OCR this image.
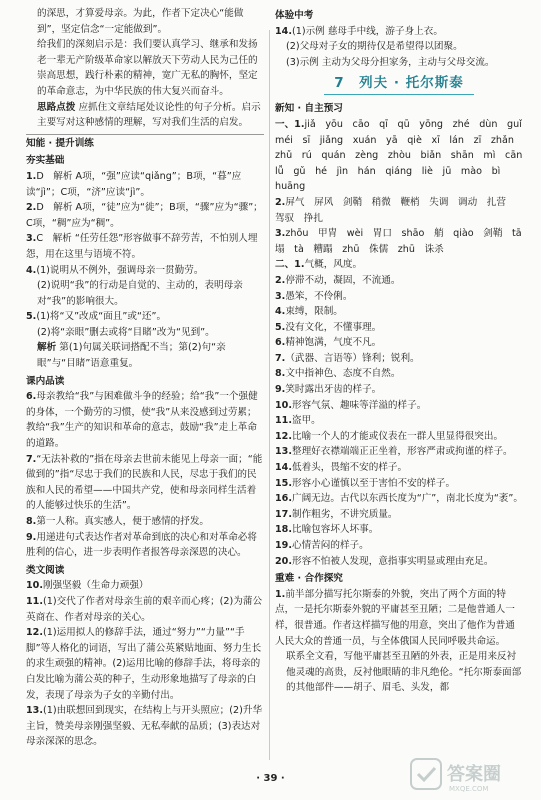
的深思，才算爱母亲。为此，作者下定决心“能做到”，坚定信念“一定能做到”。

给我们的深刻启示是：我们要认真学习、继承和发扬老一辈无产阶级革命家以解放天下劳动人民为己任的崇高思想，践行朴素的精神，宽广无私的胸怀，坚定的革命意志，为中华民族的伟大复兴而奋斗。

思路点拨 应抓住文章结尾处议论性的句子分析。启示主要写对这种感情的理解，写对我们生活的启发。

知能 · 提升训练

夯实基础

1.D　解析 A项，“强”应读“qiǎng”；B项，“暮”应读“jì”；C项，“济”应读“jì”。

2.D　解析 A项，“徒”应为“徙”；B项，“骤”应为“骤”；C项，“稠”应为“稠”。

3.C　解析 “任劳任怨”形容做事不辞劳苦，不怕别人埋怨，用在这里与语境不符。

4.(1)说明从不例外，强调母亲一贯勤劳。

(2)说明“我”的行动是自觉的、主动的，表明母亲对“我”的影响很大。

5.(1)将“又”改成“面且”或“还”。

(2)将“亲眼”删去或将“目睹”改为“见到”。

解析 第(1)句属关联词搭配不当；第(2)句“亲眼”与“目睹”语意重复。

课内品读

6.母亲教给“我”与困难做斗争的经验；给“我”一个强健的身体，一个勤劳的习惯，使“我”从来没感到过劳累；教给“我”生产的知识和革命的意志，鼓励“我”走上革命的道路。

7.“无法补救的”指在母亲去世前未能见上母亲一面；“能做到的”指“尽忠于我们的民族和人民，尽忠于我们的民族和人民的希望——中国共产党，使和母亲同样生活着的人能够过快乐的生活”。

8.第一人称。真实感人，便于感情的抒发。

9.用递进句式表达作者对革命到底的决心和对革命必将胜利的信心，进一步表明作者报答母亲深恩的决心。

类文阅读

10.刚强坚毅（生命力顽强）

11.(1)交代了作者对母亲生前的艰辛而心疼；(2)为蒲公英商在、作者对母亲的关心。

12.(1)运用拟人的修辞手法，通过“努力”“力量”“手脚”等人格化的词语，写出了蒲公英紧贴地面、努力生长的求生顽强的精神。(2)运用比喻的修辞手法，将母亲的白发比喻为蒲公英的种子，生动形象地描写了母亲的白发，表现了母亲为子女的辛勤付出。

13.(1)由联想回到现实，在结构上与开头照应；(2)升华主旨，赞美母亲刚强坚毅、无私奉献的品质；(3)表达对母亲深深的思念。

体验中考

14.(1)示例 慈母手中线，游子身上衣。

(2)父母对子女的期待仅是希望得以团聚。

(3)示例 主动为父母分担家务，主动与父母交流。

7　列夫 · 托尔斯泰

新知 · 自主预习

一、1.jiǎ　yōu　cāo　qī　qū　yōng　zhé　dùn　guǐ　méi　sī　jiǎng　xuán　yā　qiè　xī　lán　zī　zhǎn　zhǔ　rú　quán　zèng　zhòu　biǎn　shān　mì　cān　lǚ　gǔ　hé　jìn　hán　qiáng　liè　jū　mào　bì　huāng

2.屏气　屏风　剑鞘　稍微　鞭梢　失调　调动　扎营　驾驭　挣扎

3.zhōu　甲胄　wèi　胃口　shāo　艄　qiào　剑鞘　tā　塌　tà　糟蹋　zhū　侏儒　zhū　诛杀

二、1.气概，风度。

2.停滞不动，凝固，不流通。

3.愚笨，不伶俐。

4.束缚，限制。

5.没有文化，不懂事理。

6.精神饱满，气度不凡。

7.（武器、言语等）锋利；锐利。

8.文中指神色、态度不自然。

9.笑时露出牙齿的样子。

10.形容气氛、趣味等洋溢的样子。

11.盗甲。

12.比喻一个人的才能或仪表在一群人里显得很突出。

13.整理好衣襟端端正正坐着，形容严肃或拘谨的样子。

14.低着头，畏缩不安的样子。

15.形容小心谨慎以至于害怕不安的样子。

16.广阔无边。古代以东西长度为“广”，南北长度为“袤”。

17.制作粗劣，不讲究质量。

18.比喻包容坏人坏事。

19.心情苦闷的样子。

20.形容不怕被人发现，意指事实明显或理由充足。

重难 · 合作探究

1.前半部分描写托尔斯泰的外貌，突出了两个方面的特点，一是托尔斯泰外貌的平庸甚至丑陋；二是他普通人一样，很普通。作者这样描写他的用意，突出了他作为普通人民大众的普通一员，与全体俄国人民同呼吸共命运。

联系全文看，写他平庸甚至丑陋的外表，正是用来反衬他灵魂的高贵，反衬他眼睛的非凡绝伦。“托尔斯泰面部的其他部件——胡子、眉毛、头发，都

· 39 ·	答案圈
MXQE.COM
